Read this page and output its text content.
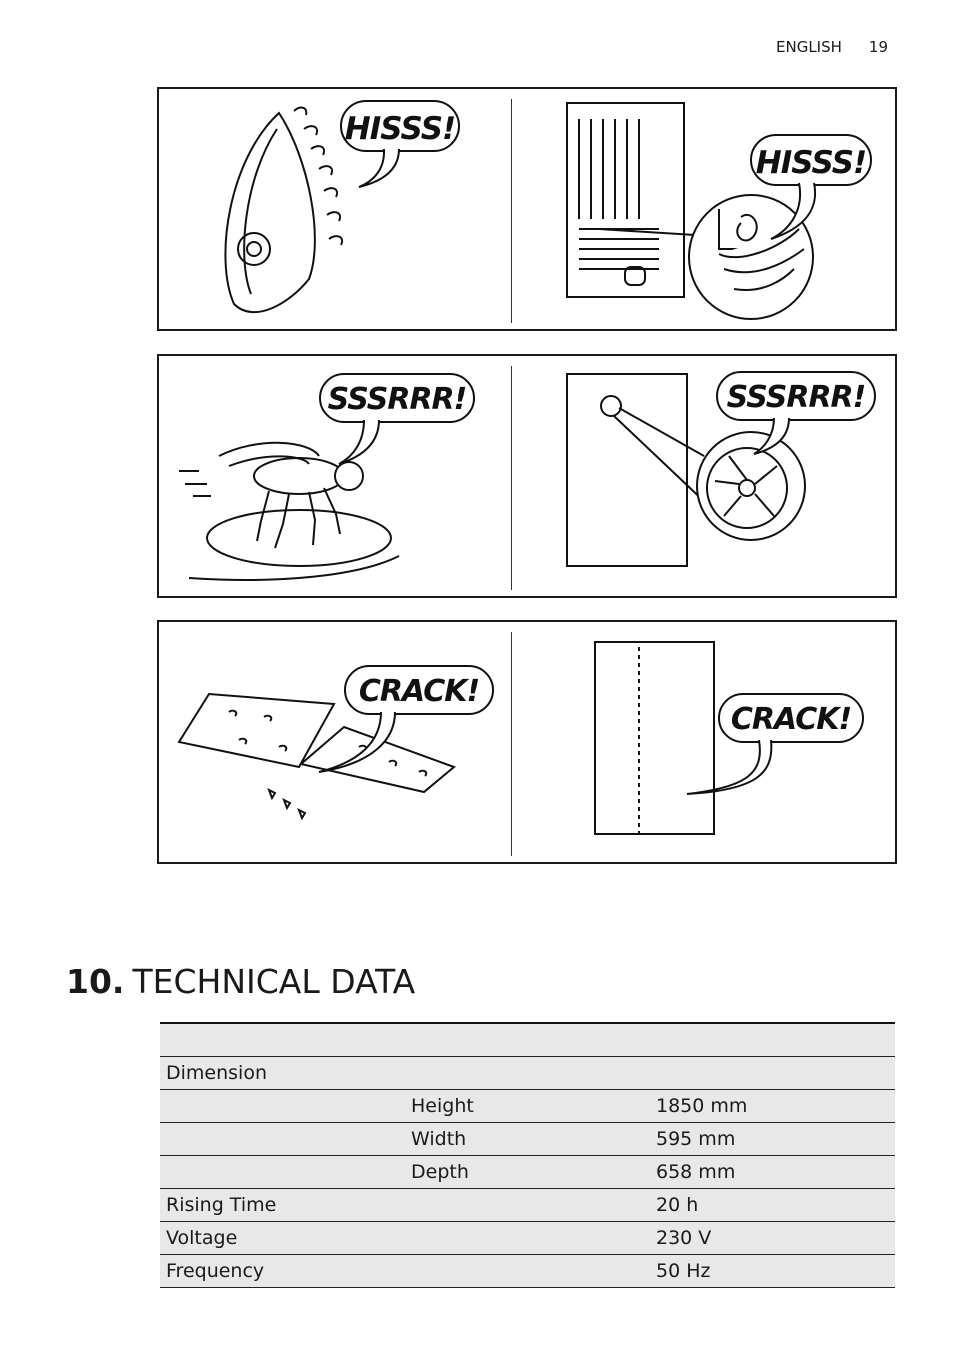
ENGLISH 19
HISSS!
HISSS!
SSSRRR!	SSSRRR!
CRACK!
CRACK!
10. TECHNICAL DATA

Dimension		
	Height	1850 mm
	Width	595 mm
	Depth	658 mm
Rising Time		20 h
Voltage		230 V
Frequency		50 Hz
